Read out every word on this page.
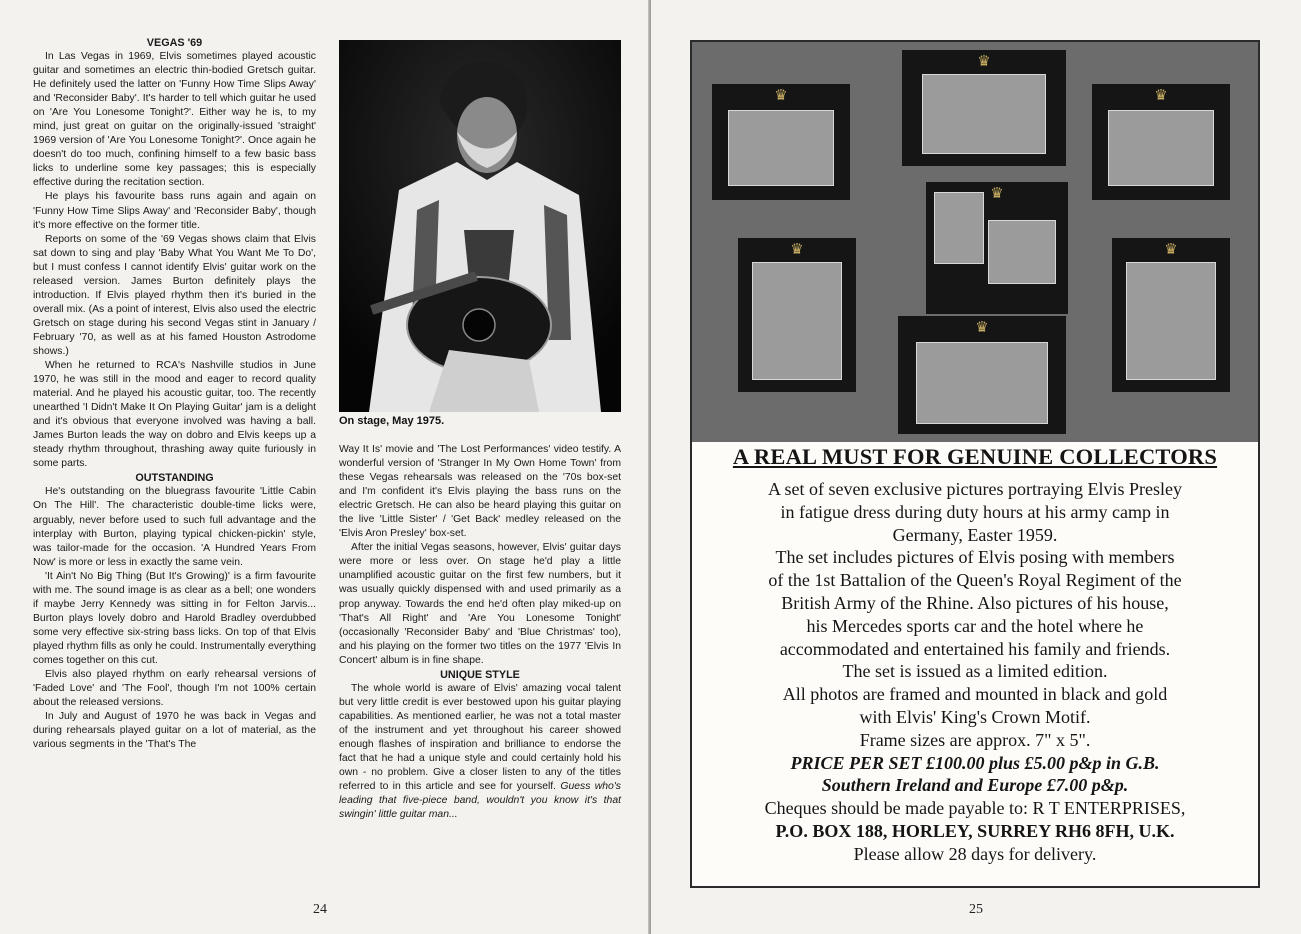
VEGAS '69

In Las Vegas in 1969, Elvis sometimes played acoustic guitar and sometimes an electric thin-bodied Gretsch guitar. He definitely used the latter on 'Funny How Time Slips Away' and 'Reconsider Baby'. It's harder to tell which guitar he used on 'Are You Lonesome Tonight?'. Either way he is, to my mind, just great on guitar on the originally-issued 'straight' 1969 version of 'Are You Lonesome Tonight?'. Once again he doesn't do too much, confining himself to a few basic bass licks to underline some key passages; this is especially effective during the recitation section.

He plays his favourite bass runs again and again on 'Funny How Time Slips Away' and 'Reconsider Baby', though it's more effective on the former title.

Reports on some of the '69 Vegas shows claim that Elvis sat down to sing and play 'Baby What You Want Me To Do', but I must confess I cannot identify Elvis' guitar work on the released version. James Burton definitely plays the introduction. If Elvis played rhythm then it's buried in the overall mix. (As a point of interest, Elvis also used the electric Gretsch on stage during his second Vegas stint in January / February '70, as well as at his famed Houston Astrodome shows.)

When he returned to RCA's Nashville studios in June 1970, he was still in the mood and eager to record quality material. And he played his acoustic guitar, too. The recently unearthed 'I Didn't Make It On Playing Guitar' jam is a delight and it's obvious that everyone involved was having a ball. James Burton leads the way on dobro and Elvis keeps up a steady rhythm throughout, thrashing away quite furiously in some parts.

OUTSTANDING

He's outstanding on the bluegrass favourite 'Little Cabin On The Hill'. The characteristic double-time licks were, arguably, never before used to such full advantage and the interplay with Burton, playing typical chicken-pickin' style, was tailor-made for the occasion. 'A Hundred Years From Now' is more or less in exactly the same vein.

'It Ain't No Big Thing (But It's Growing)' is a firm favourite with me. The sound image is as clear as a bell; one wonders if maybe Jerry Kennedy was sitting in for Felton Jarvis... Burton plays lovely dobro and Harold Bradley overdubbed some very effective six-string bass licks. On top of that Elvis played rhythm fills as only he could. Instrumentally everything comes together on this cut.

Elvis also played rhythm on early rehearsal versions of 'Faded Love' and 'The Fool', though I'm not 100% certain about the released versions.

In July and August of 1970 he was back in Vegas and during rehearsals played guitar on a lot of material, as the various segments in the 'That's The

On stage, May 1975.

Way It Is' movie and 'The Lost Performances' video testify. A wonderful version of 'Stranger In My Own Home Town' from these Vegas rehearsals was released on the '70s box-set and I'm confident it's Elvis playing the bass runs on the electric Gretsch. He can also be heard playing this guitar on the live 'Little Sister' / 'Get Back' medley released on the 'Elvis Aron Presley' box-set.

After the initial Vegas seasons, however, Elvis' guitar days were more or less over. On stage he'd play a little unamplified acoustic guitar on the first few numbers, but it was usually quickly dispensed with and used primarily as a prop anyway. Towards the end he'd often play miked-up on 'That's All Right' and 'Are You Lonesome Tonight' (occasionally 'Reconsider Baby' and 'Blue Christmas' too), and his playing on the former two titles on the 1977 'Elvis In Concert' album is in fine shape.

UNIQUE STYLE

The whole world is aware of Elvis' amazing vocal talent but very little credit is ever bestowed upon his guitar playing capabilities. As mentioned earlier, he was not a total master of the instrument and yet throughout his career showed enough flashes of inspiration and brilliance to endorse the fact that he had a unique style and could certainly hold his own - no problem. Give a closer listen to any of the titles referred to in this article and see for yourself. Guess who's leading that five-piece band, wouldn't you know it's that swingin' little guitar man...

24	25
♛
♛
♛
♛
♛	♛
♛
A REAL MUST FOR GENUINE COLLECTORS
A set of seven exclusive pictures portraying Elvis Presley
in fatigue dress during duty hours at his army camp in
Germany, Easter 1959.
The set includes pictures of Elvis posing with members
of the 1st Battalion of the Queen's Royal Regiment of the
British Army of the Rhine. Also pictures of his house,
his Mercedes sports car and the hotel where he
accommodated and entertained his family and friends.
The set is issued as a limited edition.
All photos are framed and mounted in black and gold
with Elvis' King's Crown Motif.
Frame sizes are approx. 7" x 5".
PRICE PER SET £100.00 plus £5.00 p&p in G.B.
Southern Ireland and Europe £7.00 p&p.
Cheques should be made payable to: R T ENTERPRISES,
P.O. BOX 188, HORLEY, SURREY RH6 8FH, U.K.
Please allow 28 days for delivery.
